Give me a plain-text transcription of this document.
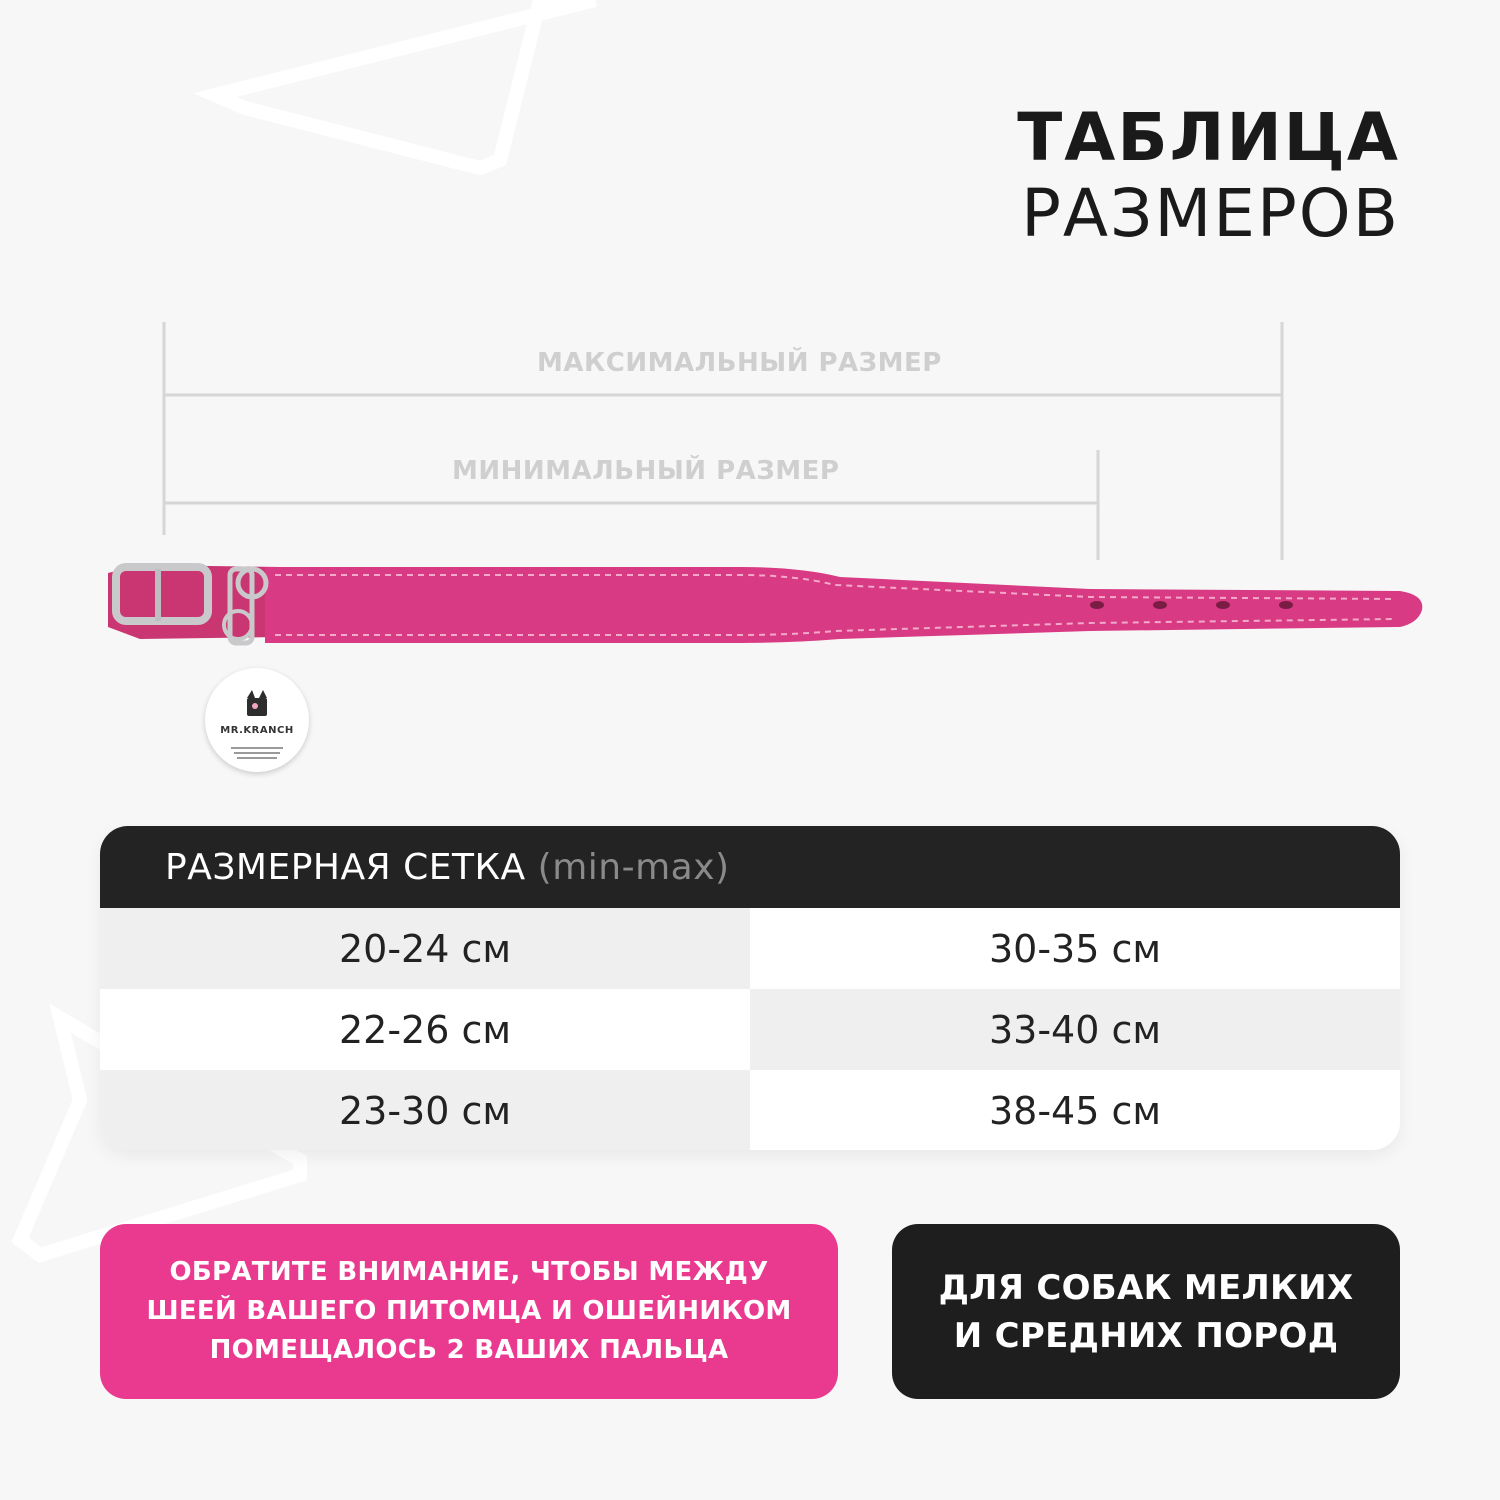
ТАБЛИЦА
РАЗМЕРОВ
МАКСИМАЛЬНЫЙ РАЗМЕР
МИНИМАЛЬНЫЙ РАЗМЕР
MR.KRANCH
РАЗМЕРНАЯ СЕТКА (min-max)
20-24 см	30-35 см
22-26 см	33-40 см
23-30 см	38-45 см
ОБРАТИТЕ ВНИМАНИЕ, ЧТОБЫ МЕЖДУ ШЕЕЙ ВАШЕГО ПИТОМЦА И ОШЕЙНИКОМ ПОМЕЩАЛОСЬ 2 ВАШИХ ПАЛЬЦА
ДЛЯ СОБАК МЕЛКИХ И СРЕДНИХ ПОРОД
